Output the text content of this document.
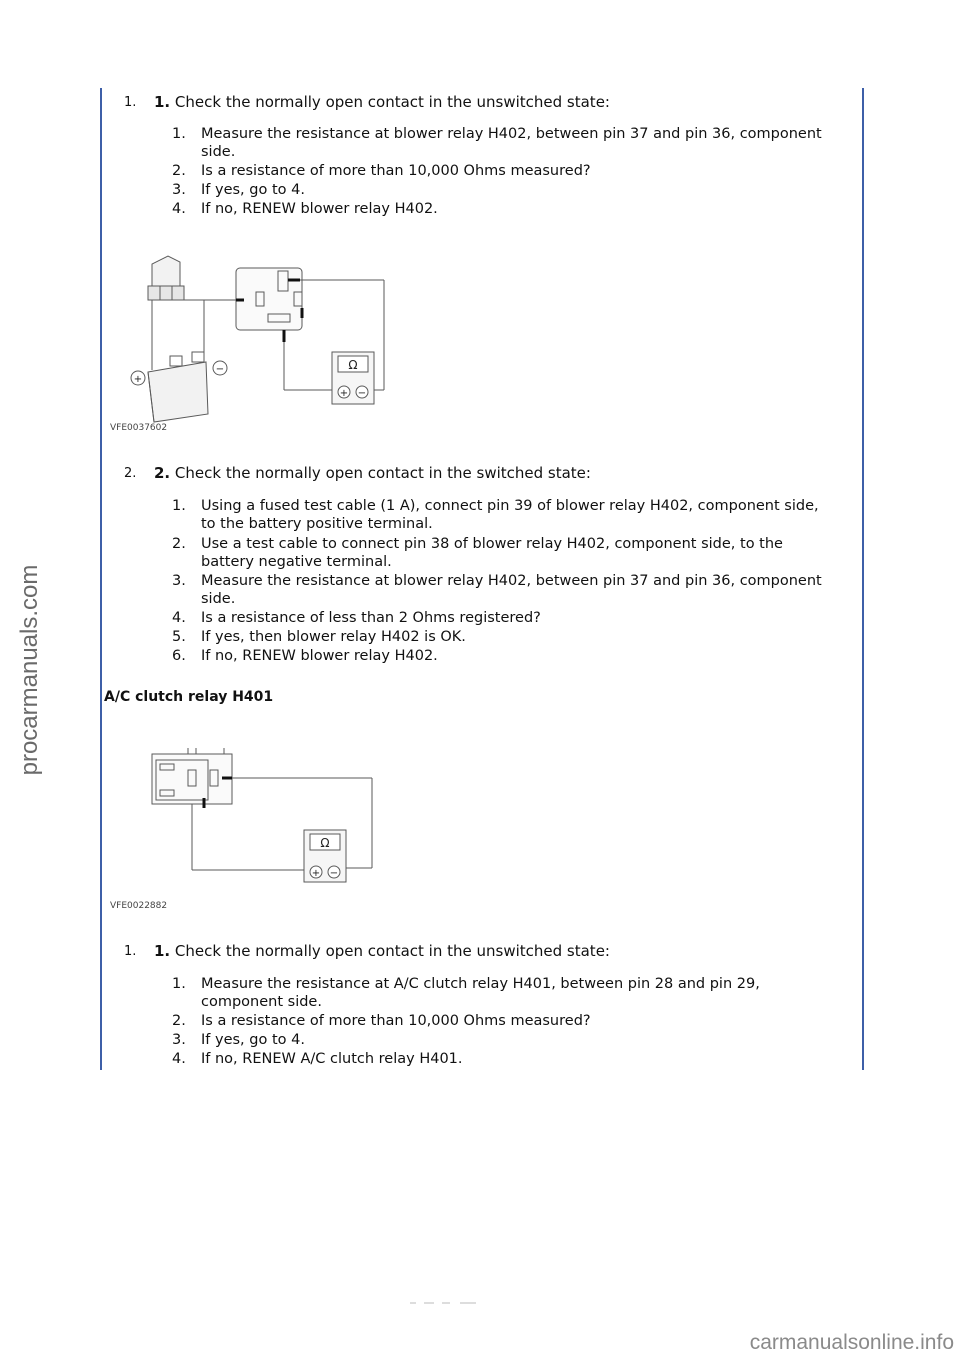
1. 1. Check the normally open contact in the unswitched state:
1. Measure the resistance at blower relay H402, between pin 37 and pin 36, component side.
2. Is a resistance of more than 10,000 Ohms measured?
3. If yes, go to 4.
4. If no, RENEW blower relay H402.
Ω
+ −
+
−
VFE0037602
2. 2. Check the normally open contact in the switched state:
1. Using a fused test cable (1 A), connect pin 39 of blower relay H402, component side, to the battery positive terminal.
2. Use a test cable to connect pin 38 of blower relay H402, component side, to the battery negative terminal.
3. Measure the resistance at blower relay H402, between pin 37 and pin 36, component side.
4. Is a resistance of less than 2 Ohms registered?
5. If yes, then blower relay H402 is OK.
6. If no, RENEW blower relay H402.
A/C clutch relay H401
Ω
+ −
VFE0022882
1. 1. Check the normally open contact in the unswitched state:
1. Measure the resistance at A/C clutch relay H401, between pin 28 and pin 29, component side.
2. Is a resistance of more than 10,000 Ohms measured?
3. If yes, go to 4.
4. If no, RENEW A/C clutch relay H401.
procarmanuals.com
carmanualsonline.info
